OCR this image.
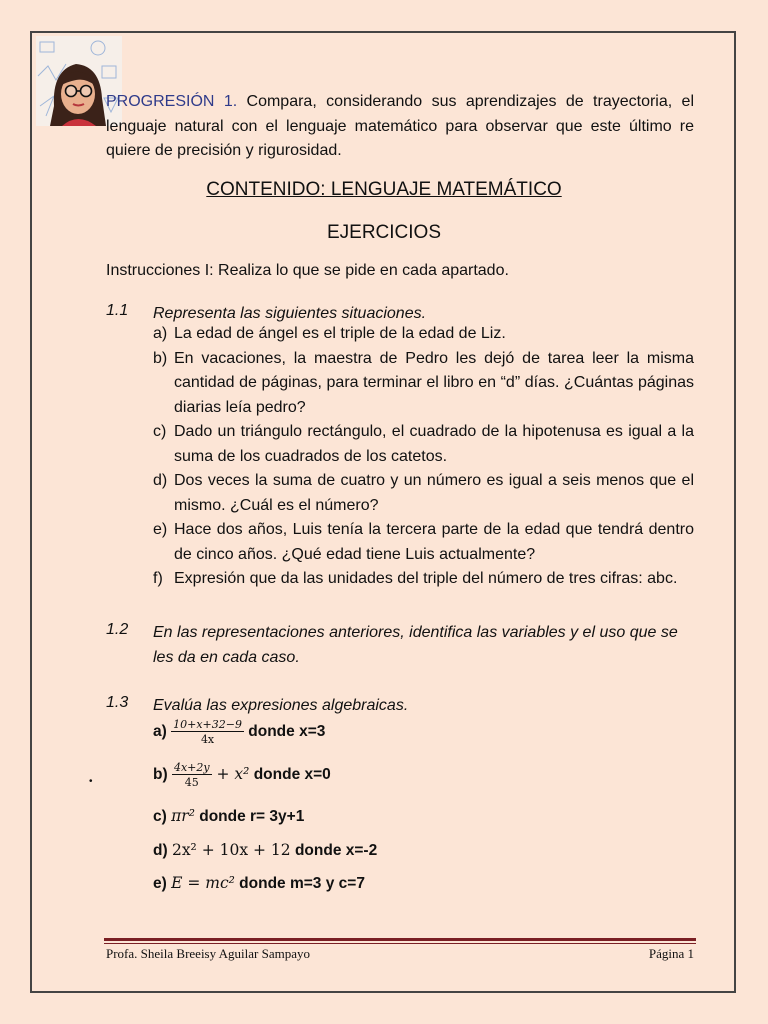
PROGRESIÓN 1. Compara, considerando sus aprendizajes de trayectoria, el lenguaje natural con el lenguaje matemático para observar que este último re quiere de precisión y rigurosidad.
CONTENIDO: LENGUAJE MATEMÁTICO
EJERCICIOS
Instrucciones I: Realiza lo que se pide en cada apartado.
1.1 Representa las siguientes situaciones.
a) La edad de ángel es el triple de la edad de Liz.
b) En vacaciones, la maestra de Pedro les dejó de tarea leer la misma cantidad de páginas, para terminar el libro en “d” días. ¿Cuántas páginas diarias leía pedro?
c) Dado un triángulo rectángulo, el cuadrado de la hipotenusa es igual a la suma de los cuadrados de los catetos.
d) Dos veces la suma de cuatro y un número es igual a seis menos que el mismo. ¿Cuál es el número?
e) Hace dos años, Luis tenía la tercera parte de la edad que tendrá dentro de cinco años. ¿Qué edad tiene Luis actualmente?
f) Expresión que da las unidades del triple del número de tres cifras: abc.
1.2 En las representaciones anteriores, identifica las variables y el uso que se les da en cada caso.
1.3 Evalúa las expresiones algebraicas.
$a) \frac{10+x+32-9}{4x}$ donde x=3
$b) \frac{4x+2y}{45} + x^2$ donde x=0
c) πr² donde r= 3y+1
d) 2x² + 10x + 12 donde x=-2
e) E = mc² donde m=3 y c=7
•
Profa. Sheila Breeisy Aguilar Sampayo	Página 1
